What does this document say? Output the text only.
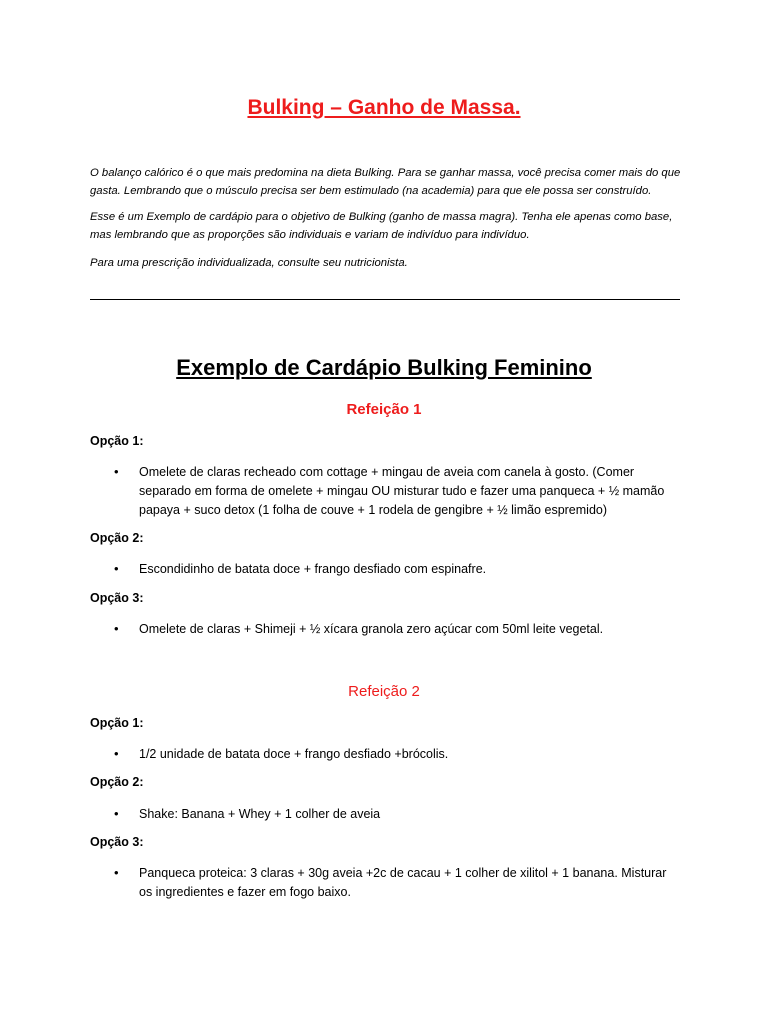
Bulking – Ganho de Massa.

O balanço calórico é o que mais predomina na dieta Bulking. Para se ganhar massa, você precisa comer mais do que gasta. Lembrando que o músculo precisa ser bem estimulado (na academia) para que ele possa ser construído.

Esse é um Exemplo de cardápio para o objetivo de Bulking (ganho de massa magra). Tenha ele apenas como base, mas lembrando que as proporções são individuais e variam de indivíduo para indivíduo.

Para uma prescrição individualizada, consulte seu nutricionista.

Exemplo de Cardápio Bulking Feminino
Refeição 1
Opção 1:
• Omelete de claras recheado com cottage + mingau de aveia com canela à gosto. (Comer separado em forma de omelete + mingau OU misturar tudo e fazer uma panqueca + ½ mamão papaya + suco detox (1 folha de couve + 1 rodela de gengibre + ½ limão espremido)
Opção 2:
• Escondidinho de batata doce + frango desfiado com espinafre.
Opção 3:
• Omelete de claras + Shimeji + ½ xícara granola zero açúcar com 50ml leite vegetal.
Refeição 2
Opção 1:
• 1/2 unidade de batata doce + frango desfiado +brócolis.
Opção 2:
• Shake: Banana + Whey + 1 colher de aveia
Opção 3:
• Panqueca proteica: 3 claras + 30g aveia +2c de cacau + 1 colher de xilitol + 1 banana. Misturar os ingredientes e fazer em fogo baixo.
